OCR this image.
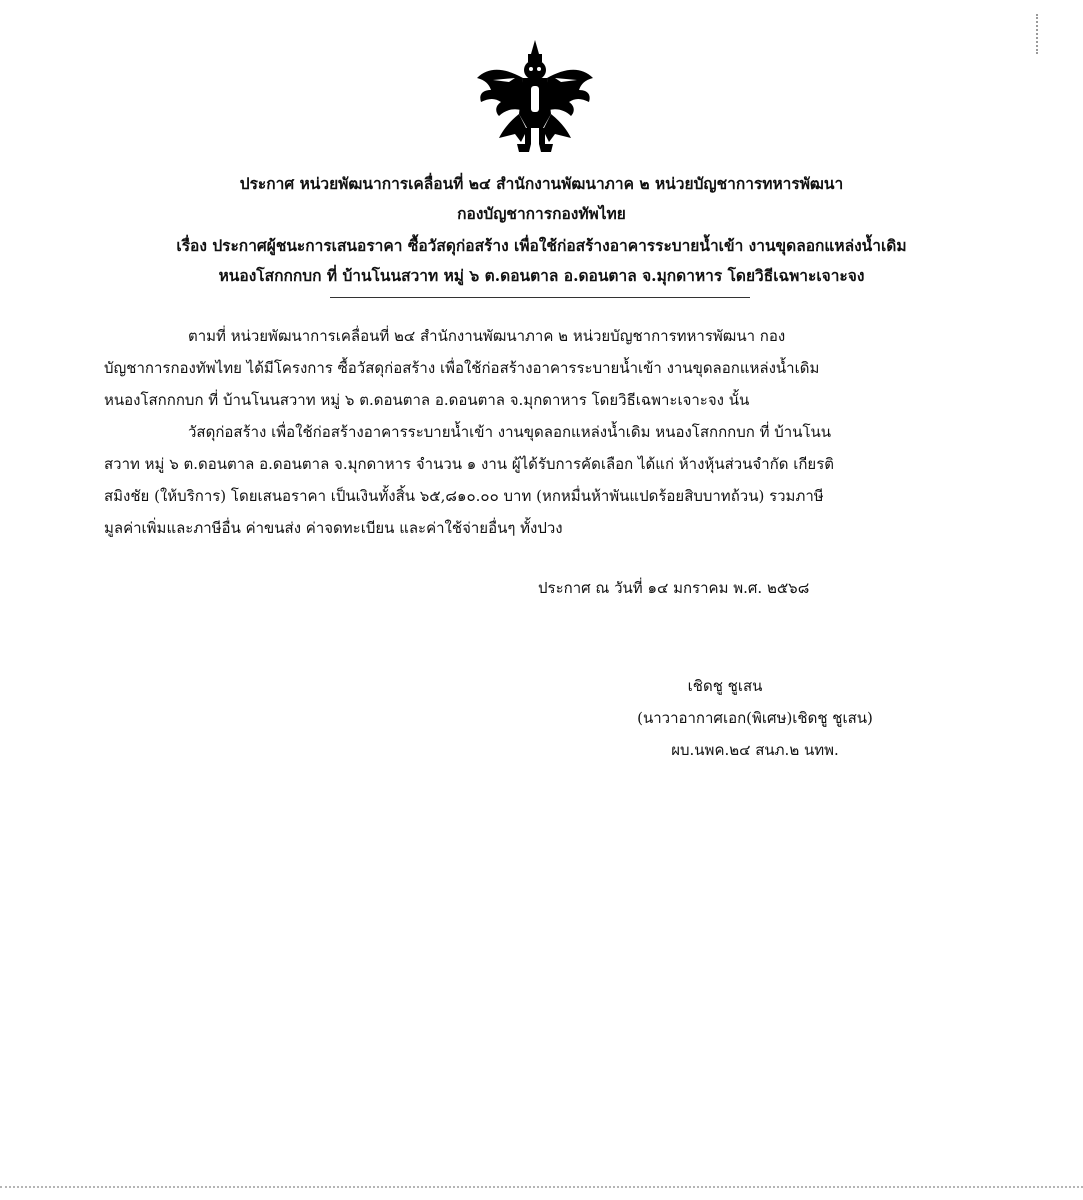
ประกาศ หน่วยพัฒนาการเคลื่อนที่ ๒๔ สำนักงานพัฒนาภาค ๒ หน่วยบัญชาการทหารพัฒนา
กองบัญชาการกองทัพไทย
เรื่อง ประกาศผู้ชนะการเสนอราคา ซื้อวัสดุก่อสร้าง เพื่อใช้ก่อสร้างอาคารระบายน้ำเข้า งานขุดลอกแหล่งน้ำเดิม
หนองโสกกกบก ที่ บ้านโนนสวาท หมู่ ๖ ต.ดอนตาล อ.ดอนตาล จ.มุกดาหาร โดยวิธีเฉพาะเจาะจง
ตามที่ หน่วยพัฒนาการเคลื่อนที่ ๒๔ สำนักงานพัฒนาภาค ๒ หน่วยบัญชาการทหารพัฒนา กอง
บัญชาการกองทัพไทย ได้มีโครงการ ซื้อวัสดุก่อสร้าง เพื่อใช้ก่อสร้างอาคารระบายน้ำเข้า งานขุดลอกแหล่งน้ำเดิม
หนองโสกกกบก ที่ บ้านโนนสวาท หมู่ ๖ ต.ดอนตาล อ.ดอนตาล จ.มุกดาหาร โดยวิธีเฉพาะเจาะจง นั้น
วัสดุก่อสร้าง เพื่อใช้ก่อสร้างอาคารระบายน้ำเข้า งานขุดลอกแหล่งน้ำเดิม หนองโสกกกบก ที่ บ้านโนน
สวาท หมู่ ๖ ต.ดอนตาล อ.ดอนตาล จ.มุกดาหาร จำนวน ๑ งาน ผู้ได้รับการคัดเลือก ได้แก่ ห้างหุ้นส่วนจำกัด เกียรติ
สมิงชัย (ให้บริการ) โดยเสนอราคา เป็นเงินทั้งสิ้น ๖๕,๘๑๐.๐๐ บาท (หกหมื่นห้าพันแปดร้อยสิบบาทถ้วน) รวมภาษี
มูลค่าเพิ่มและภาษีอื่น ค่าขนส่ง ค่าจดทะเบียน และค่าใช้จ่ายอื่นๆ ทั้งปวง
ประกาศ ณ วันที่ ๑๔ มกราคม พ.ศ. ๒๕๖๘
เชิดชู ชูเสน
(นาวาอากาศเอก(พิเศษ)เชิดชู ชูเสน)
ผบ.นพค.๒๔ สนภ.๒ นทพ.
